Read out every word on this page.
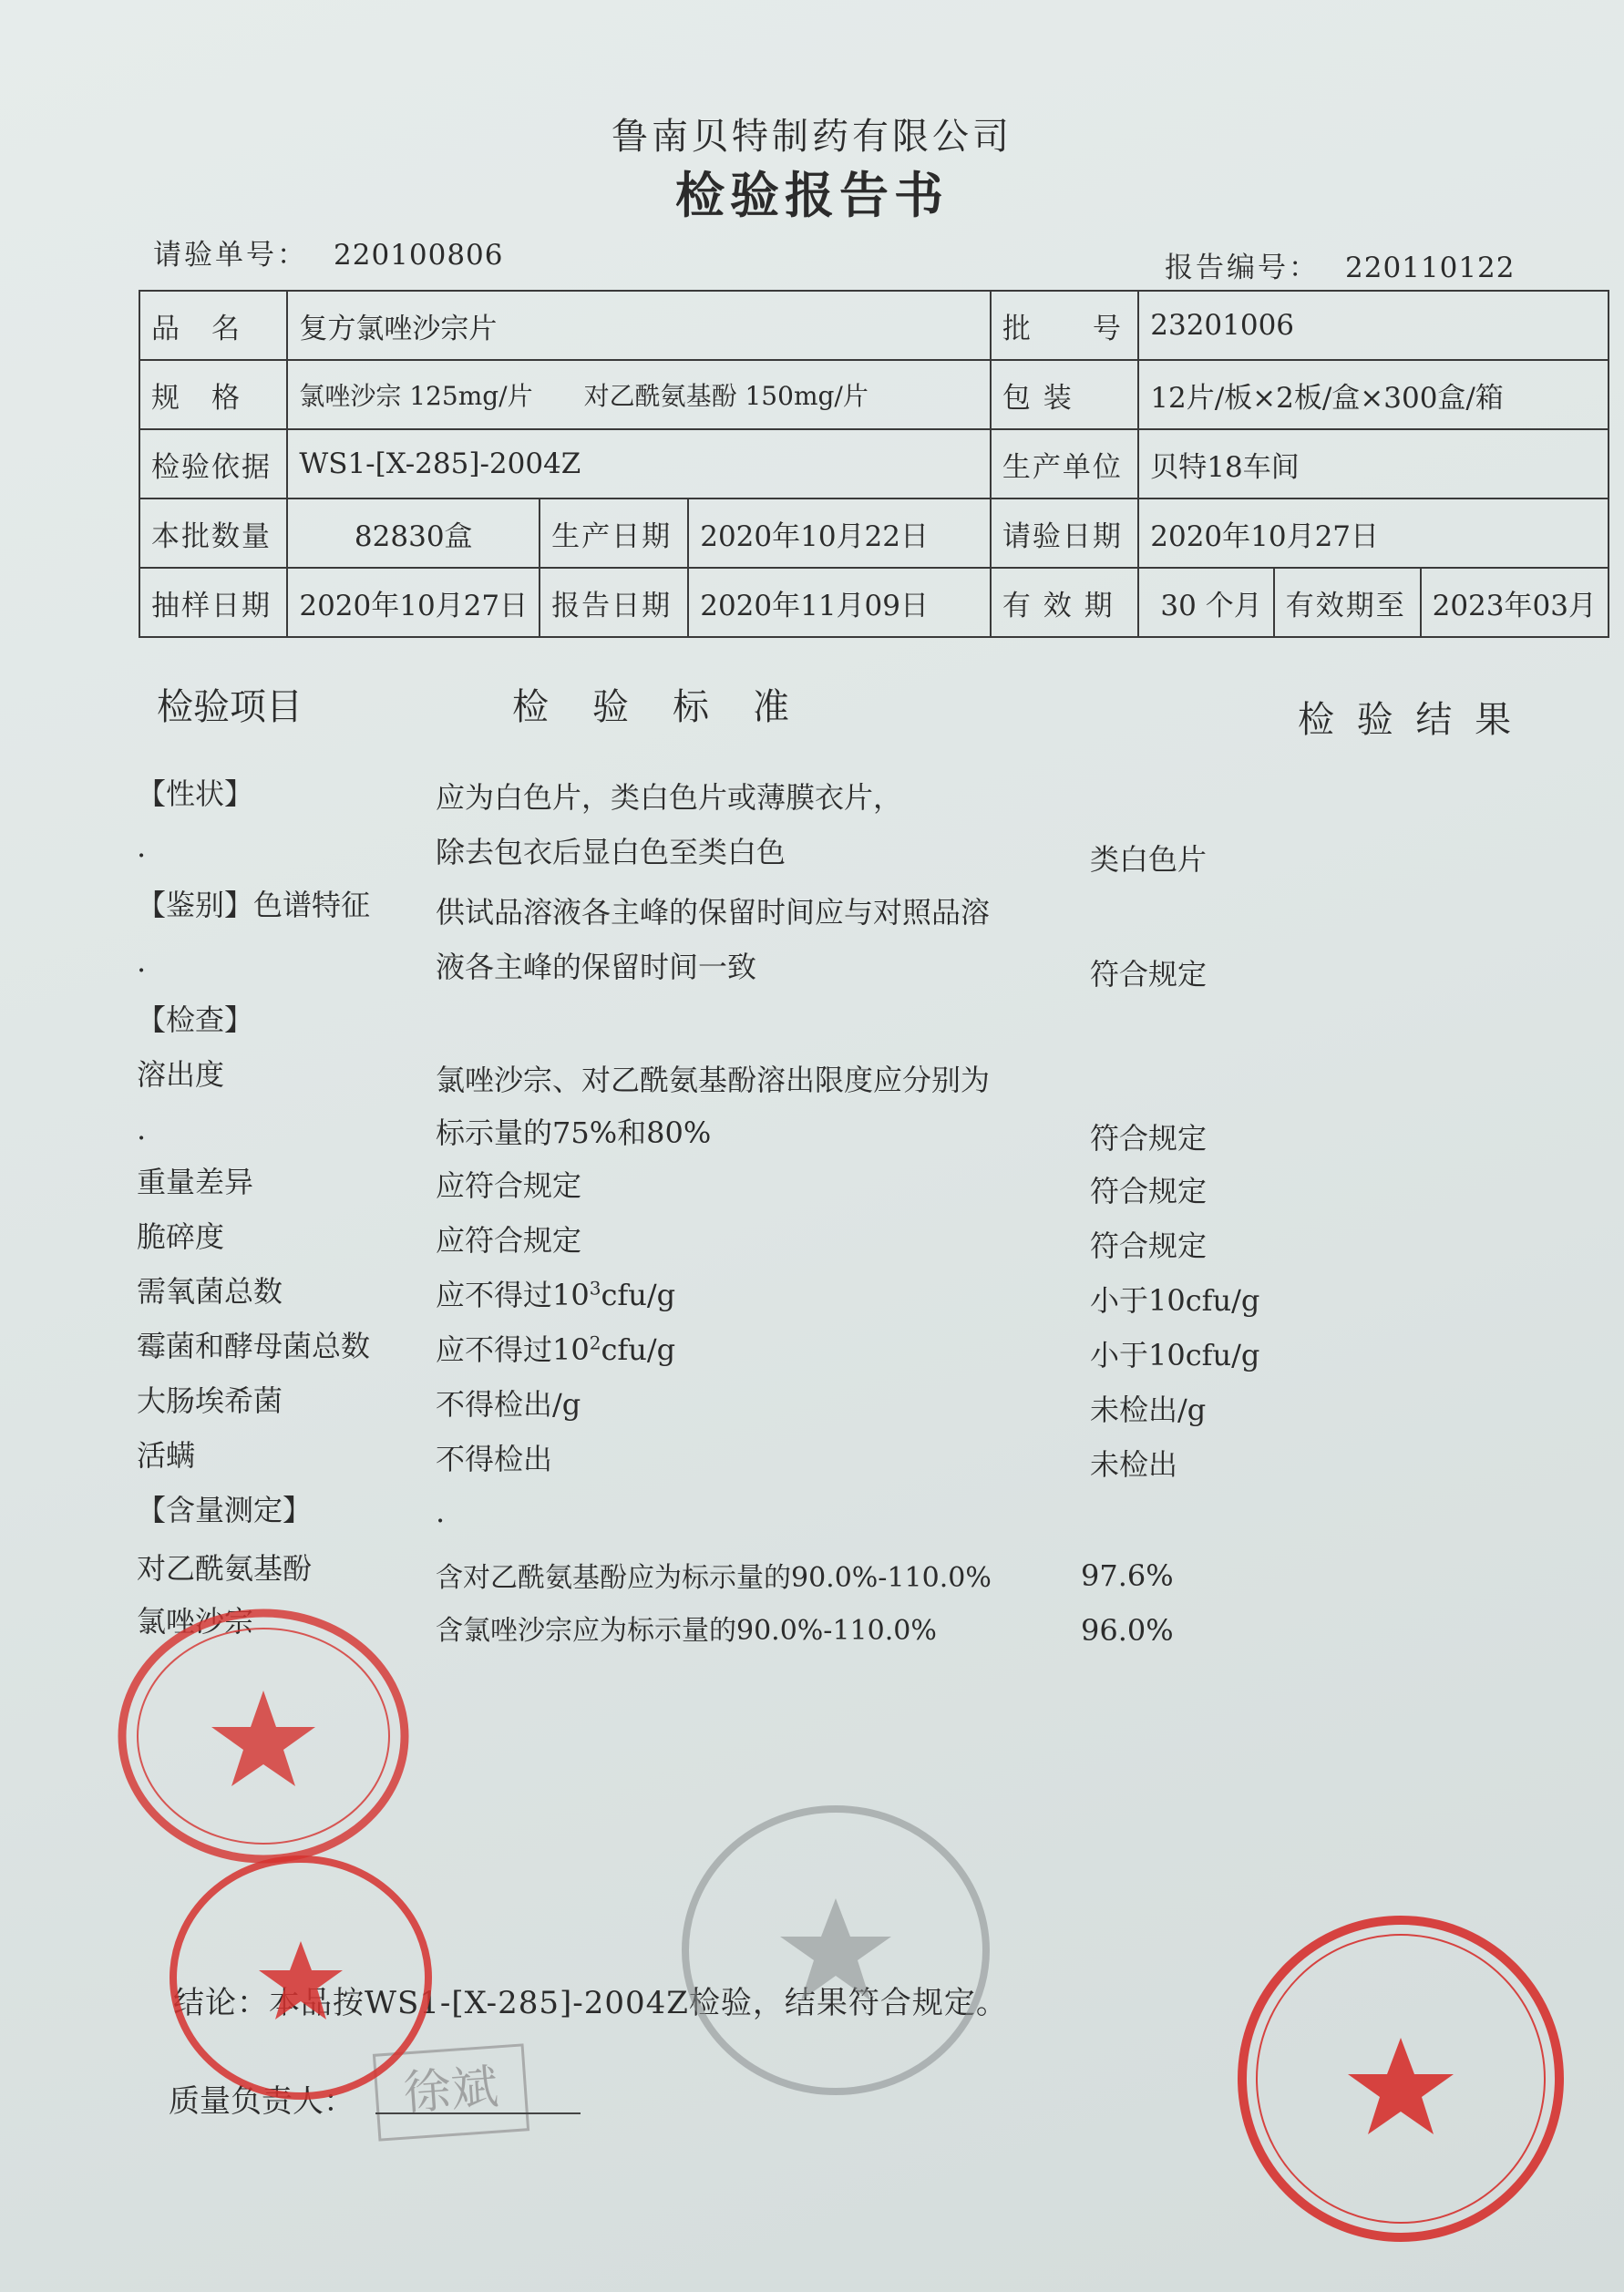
鲁南贝特制药有限公司
检验报告书
请验单号： 220100806	报告编号： 220110122
品　名	复方氯唑沙宗片			批　　号	23201006		
规　格	氯唑沙宗 125mg/片　　对乙酰氨基酚 150mg/片			包 装	12片/板×2板/盒×300盒/箱		
检验依据	WS1-[X-285]-2004Z			生产单位	贝特18车间		
本批数量	82830盒	生产日期	2020年10月22日	请验日期	2020年10月27日		
抽样日期	2020年10月27日	报告日期	2020年11月09日	有 效 期	30 个月	有效期至	2023年03月
检验项目	检　验　标　准	检 验 结 果
【性状】	应为白色片，类白色片或薄膜衣片，
.	除去包衣后显白色至类白色	类白色片
【鉴别】色谱特征 供试品溶液各主峰的保留时间应与对照品溶
.	液各主峰的保留时间一致	符合规定
【检查】
溶出度	氯唑沙宗、对乙酰氨基酚溶出限度应分别为
.	标示量的75%和80%	符合规定
重量差异	应符合规定	符合规定
脆碎度	应符合规定	符合规定
需氧菌总数	应不得过$10^3cfu/g$	小于10cfu/g
霉菌和酵母菌总数 应不得过$10^2cfu/g$	小于10cfu/g
大肠埃希菌	不得检出/g	未检出/g
活螨	不得检出	未检出
【含量测定】	.
对乙酰氨基酚	含对乙酰氨基酚应为标示量的90.0%-110.0%	97.6%
氯唑沙宗	含氯唑沙宗应为标示量的90.0%-110.0%	96.0%
结论：本品按WS1-[X-285]-2004Z检验，结果符合规定。
质量负责人： 徐斌
